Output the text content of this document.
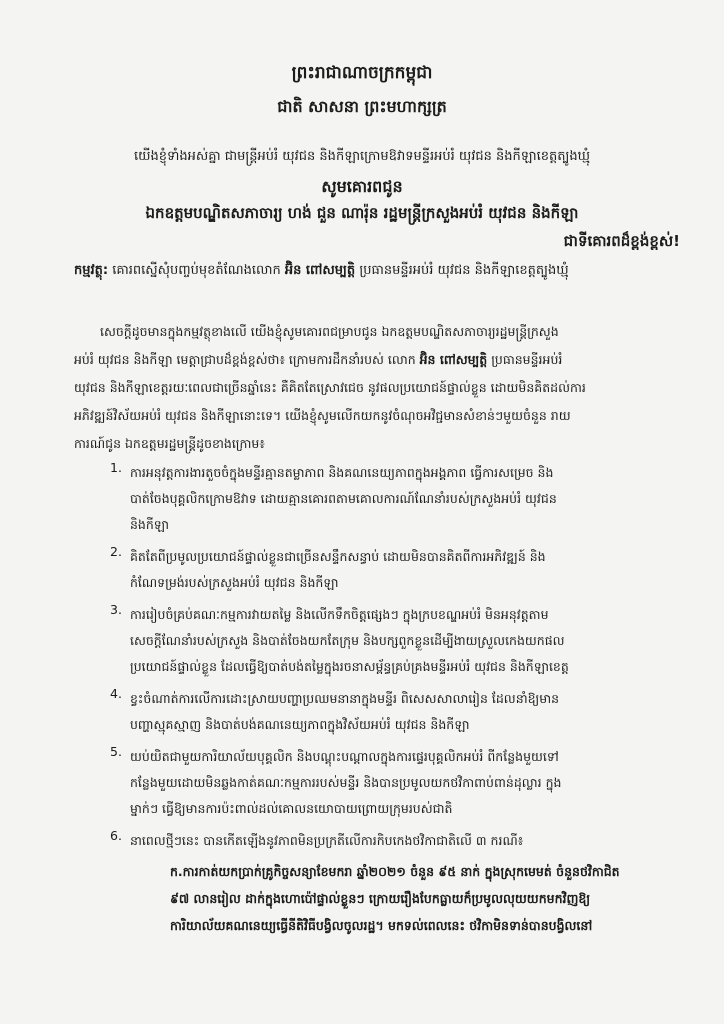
ព្រះរាជាណាចក្រកម្ពុជា
ជាតិ សាសនា ព្រះមហាក្សត្រ
យើងខ្ញុំទាំងអស់គ្នា ជាមន្ត្រីអប់រំ យុវជន និងកីឡាក្រោមឱវាទមន្ទីរអប់រំ យុវជន និងកីឡាខេត្តត្បូងឃ្មុំ
សូមគោរពជូន
ឯកឧត្តមបណ្ឌិតសភាចារ្យ ហង់ ជួន ណារ៉ុន រដ្ឋមន្ត្រីក្រសួងអប់រំ យុវជន និងកីឡា
ជាទីគោរពដ៏ខ្ពង់ខ្ពស់!
កម្មវត្ថុ: គោរពស្នើសុំបញ្ចប់មុខតំណែងលោក អ៊ិន ពៅសម្បត្តិ ប្រធានមន្ទីរអប់រំ យុវជន និងកីឡាខេត្តត្បូងឃ្មុំ
សេចក្តីដូចមានក្នុងកម្មវត្ថុខាងលើ យើងខ្ញុំសូមគោរពជម្រាបជូន ឯកឧត្តមបណ្ឌិតសភាចារ្យរដ្ឋមន្ត្រីក្រសួង
អប់រំ យុវជន និងកីឡា មេត្តាជ្រាបដ៏ខ្ពង់ខ្ពស់ថា៖ ក្រោមការដឹកនាំរបស់ លោក អ៊ិន ពៅសម្បត្តិ ប្រធានមន្ទីរអប់រំ
យុវជន និងកីឡាខេត្តរយៈពេលជាច្រើនឆ្នាំនេះ គឺគិតតែស្រោវជេច នូវផលប្រយោជន៍ផ្ទាល់ខ្លួន ដោយមិនគិតដល់ការ
អភិវឌ្ឍន៍វិស័យអប់រំ យុវជន និងកីឡានោះទេ។ យើងខ្ញុំសូមលើកយកនូវចំណុចអវិជ្ជមានសំខាន់ៗមួយចំនួន រាយ
ការណ៍ជូន ឯកឧត្តមរដ្ឋមន្ត្រីដូចខាងក្រោម៖
1. ការអនុវត្តការងារតួចចំក្នុងមន្ទីរគ្មានតម្លាភាព និងគណនេយ្យភាពក្នុងអង្គភាព ធ្វើការសម្រេច និង
បាត់ចែងបុគ្គលិកក្រោមឱវាទ ដោយគ្មានគោរពតាមគោលការណ៍ណែនាំរបស់ក្រសួងអប់រំ យុវជន
និងកីឡា
2. គិតតែពីប្រមូលប្រយោជន៍ផ្ទាល់ខ្លួនជាច្រើនសន្ទឹកសន្ធាប់ ដោយមិនបានគិតពីការអភិវឌ្ឍន៍ និង
កំណែទម្រង់របស់ក្រសួងអប់រំ យុវជន និងកីឡា
3. ការរៀបចំគ្រប់គណៈកម្មការវាយតម្លៃ និងលើកទឹកចិត្តផ្សេងៗ ក្នុងក្របខណ្ឌអប់រំ មិនអនុវត្តតាម
សេចក្តីណែនាំរបស់ក្រសួង និងបាត់ចែងយកតែក្រុម និងបក្សពួកខ្លួនដើម្បីងាយស្រួលកេងយកផល
ប្រយោជន៍ផ្ទាល់ខ្លួន ដែលធ្វើឱ្យបាត់បង់តម្លៃក្នុងរចនាសម្ព័ន្ធគ្រប់គ្រងមន្ទីរអប់រំ យុវជន និងកីឡាខេត្ត
4. ខ្វះចំណាត់ការលើការដោះស្រាយបញ្ហាប្រឈមនានាក្នុងមន្ទីរ ពិសេសសាលារៀន ដែលនាំឱ្យមាន
បញ្ហាស្មុគស្មាញ និងបាត់បង់គណនេយ្យភាពក្នុងវិស័យអប់រំ យុវជន និងកីឡា
5. យប់យិតជាមួយការិយាល័យបុគ្គលិក និងបណ្តុះបណ្តាលក្នុងការផ្ទេរបុគ្គលិកអប់រំ ពីកន្លែងមួយទៅ
កន្លែងមួយដោយមិនឆ្លងកាត់គណៈកម្មការរបស់មន្ទីរ និងបានប្រមូលយកថវិកាពាប់ពាន់ដុល្លារ ក្នុង
ម្នាក់ៗ ធ្វើឱ្យមានការប៉ះពាល់ដល់គោលនយោបាយព្រោយក្រុមរបស់ជាតិ
6. នាពេលថ្មីៗនេះ បានកើតឡើងនូវភាពមិនប្រក្រតីលើការកិបកេងថវិកាជាតិលើ ៣ ករណី៖
ក.ការកាត់យកប្រាក់គ្រូកិច្ចសន្យាខែមករា ឆ្នាំ២០២១ ចំនួន ៩៥ នាក់ ក្នុងស្រុកមេមត់ ចំនួនថវិកាជិត
៩៧ លានរៀល ដាក់ក្នុងហោប៉ៅផ្ទាល់ខ្លួនៗ ក្រោយរឿងបែកធ្លាយក៏ប្រមូលលុយយកមកវិញឱ្យ
ការិយាល័យគណនេយ្យធ្វើនីតិវិធីបង្វិលចូលរដ្ឋ។ មកទល់ពេលនេះ ថវិកាមិនទាន់បានបង្វិលនៅ
